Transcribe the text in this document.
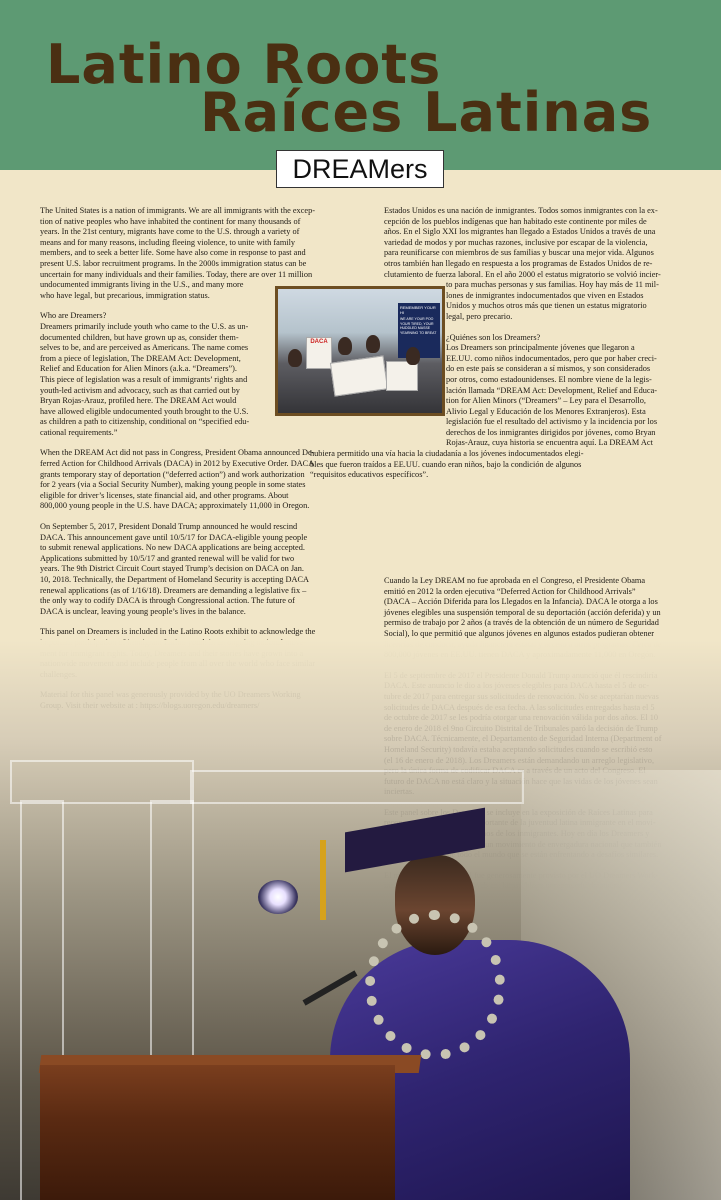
Latino Roots
Raíces Latinas
DREAMers

The United States is a nation of immigrants. We are all immigrants with the excep-
tion of native peoples who have inhabited the continent for many thousands of
years. In the 21st century, migrants have come to the U.S. through a variety of
means and for many reasons, including fleeing violence, to unite with family
members, and to seek a better life. Some have also come in response to past and
present U.S. labor recruitment programs. In the 2000s immigration status can be
uncertain for many individuals and their families. Today, there are over 11 million
undocumented immigrants living in the U.S., and many more
who have legal, but precarious, immigration status.

Who are Dreamers?
Dreamers primarily include youth who came to the U.S. as un-
documented children, but have grown up as, consider them-
selves to be, and are perceived as Americans. The name comes
from a piece of legislation, The DREAM Act: Development,
Relief and Education for Alien Minors (a.k.a. “Dreamers”).
This piece of legislation was a result of immigrants’ rights and
youth-led activism and advocacy, such as that carried out by
Bryan Rojas-Arauz, profiled here. The DREAM Act would
have allowed eligible undocumented youth brought to the U.S.
as children a path to citizenship, conditional on “specified edu-
cational requirements.”

When the DREAM Act did not pass in Congress, President Obama announced De-
ferred Action for Childhood Arrivals (DACA) in 2012 by Executive Order. DACA
grants temporary stay of deportation (“deferred action”) and work authorization
for 2 years (via a Social Security Number), making young people in some states
eligible for driver’s licenses, state financial aid, and other programs. About
800,000 young people in the U.S. have DACA; approximately 11,000 in Oregon.

On September 5, 2017, President Donald Trump announced he would rescind
DACA. This announcement gave until 10/5/17 for DACA-eligible young people
to submit renewal applications. No new DACA applications are being accepted.
Applications submitted by 10/5/17 and granted renewal will be valid for two
years. The 9th District Circuit Court stayed Trump’s decision on DACA on Jan.
10, 2018. Technically, the Department of Homeland Security is accepting DACA
renewal applications (as of 1/16/18). Dreamers are demanding a legislative fix –
the only way to codify DACA is through Congressional action. The future of
DACA is unclear, leaving young people’s lives in the balance.

This panel on Dreamers is included in the Latino Roots exhibit to acknowledge the

Estados Unidos es una nación de inmigrantes. Todos somos inmigrantes con la ex-
cepción de los pueblos indígenas que han habitado este continente por miles de
años. En el Siglo XXI los migrantes han llegado a Estados Unidos a través de una
variedad de modos y por muchas razones, inclusive por escapar de la violencia,
para reunificarse con miembros de sus familias y buscar una mejor vida. Algunos
otros también han llegado en respuesta a los programas de Estados Unidos de re-
clutamiento de fuerza laboral. En el año 2000 el estatus migratorio se volvió incier-
to para muchas personas y sus familias. Hoy hay más de 11 mil-
lones de inmigrantes indocumentados que viven en Estados
Unidos y muchos otros más que tienen un estatus migratorio
legal, pero precario.

¿Quiénes son los Dreamers?
Los Dreamers son principalmente jóvenes que llegaron a
EE.UU. como niños indocumentados, pero que por haber creci-
do en este país se consideran a sí mismos, y son considerados
por otros, como estadounidenses. El nombre viene de la legis-
lación llamada “DREAM Act: Development, Relief and Educa-
tion for Alien Minors (“Dreamers” – Ley para el Desarrollo,
Alivio Legal y Educación de los Menores Extranjeros). Esta
legislación fue el resultado del activismo y la incidencia por los
derechos de los inmigrantes dirigidos por jóvenes, como Bryan
Rojas-Arauz, cuya historia se encuentra aquí. La DREAM Act
hubiera permitido una vía hacia la ciudadanía a los jóvenes indocumentados elegi-
bles que fueron traídos a EE.UU. cuando eran niños, bajo la condición de algunos
“requisitos educativos específicos”.

Cuando la Ley DREAM no fue aprobada en el Congreso, el Presidente Obama
emitió en 2012 la orden ejecutiva “Deferred Action for Childhood Arrivals”
(DACA – Acción Diferida para los Llegados en la Infancia). DACA le otorga a los
jóvenes elegibles una suspensión temporal de su deportación (acción deferida) y un
permiso de trabajo por 2 años (a través de la obtención de un número de Seguridad
Social), lo que permitió que algunos jóvenes en algunos estados pudieran obtener

REMEMBER YOUR HI
WE ARE YOUR POO YOUR TIRED, YOUR HUDDLED MASSE YEARNING TO BREAT
DACA
